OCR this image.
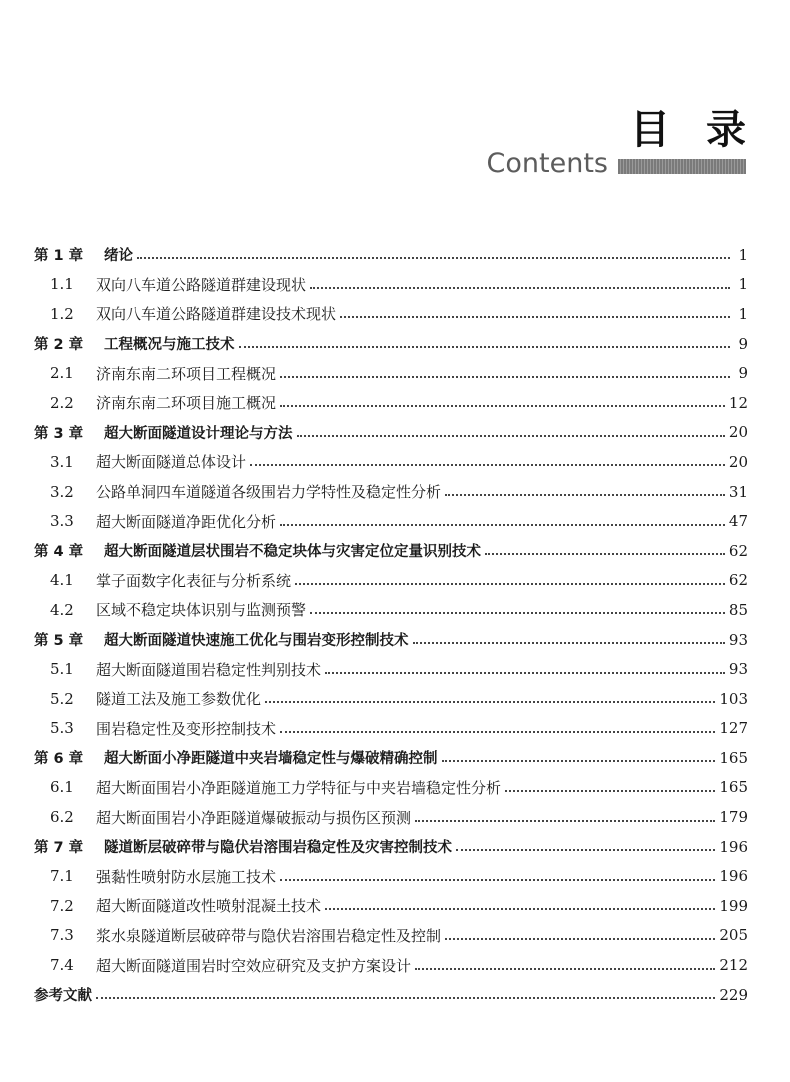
目录
Contents
第 1 章	绪论	1
1.1	双向八车道公路隧道群建设现状	1
1.2	双向八车道公路隧道群建设技术现状	1
第 2 章	工程概况与施工技术	9
2.1	济南东南二环项目工程概况	9
2.2	济南东南二环项目施工概况	12
第 3 章	超大断面隧道设计理论与方法	20
3.1	超大断面隧道总体设计	20
3.2	公路单洞四车道隧道各级围岩力学特性及稳定性分析	31
3.3	超大断面隧道净距优化分析	47
第 4 章	超大断面隧道层状围岩不稳定块体与灾害定位定量识别技术	62
4.1	掌子面数字化表征与分析系统	62
4.2	区域不稳定块体识别与监测预警	85
第 5 章	超大断面隧道快速施工优化与围岩变形控制技术	93
5.1	超大断面隧道围岩稳定性判别技术	93
5.2	隧道工法及施工参数优化	103
5.3	围岩稳定性及变形控制技术	127
第 6 章	超大断面小净距隧道中夹岩墙稳定性与爆破精确控制	165
6.1	超大断面围岩小净距隧道施工力学特征与中夹岩墙稳定性分析	165
6.2	超大断面围岩小净距隧道爆破振动与损伤区预测	179
第 7 章	隧道断层破碎带与隐伏岩溶围岩稳定性及灾害控制技术	196
7.1	强黏性喷射防水层施工技术	196
7.2	超大断面隧道改性喷射混凝土技术	199
7.3	浆水泉隧道断层破碎带与隐伏岩溶围岩稳定性及控制	205
7.4	超大断面隧道围岩时空效应研究及支护方案设计	212
参考文献	229
